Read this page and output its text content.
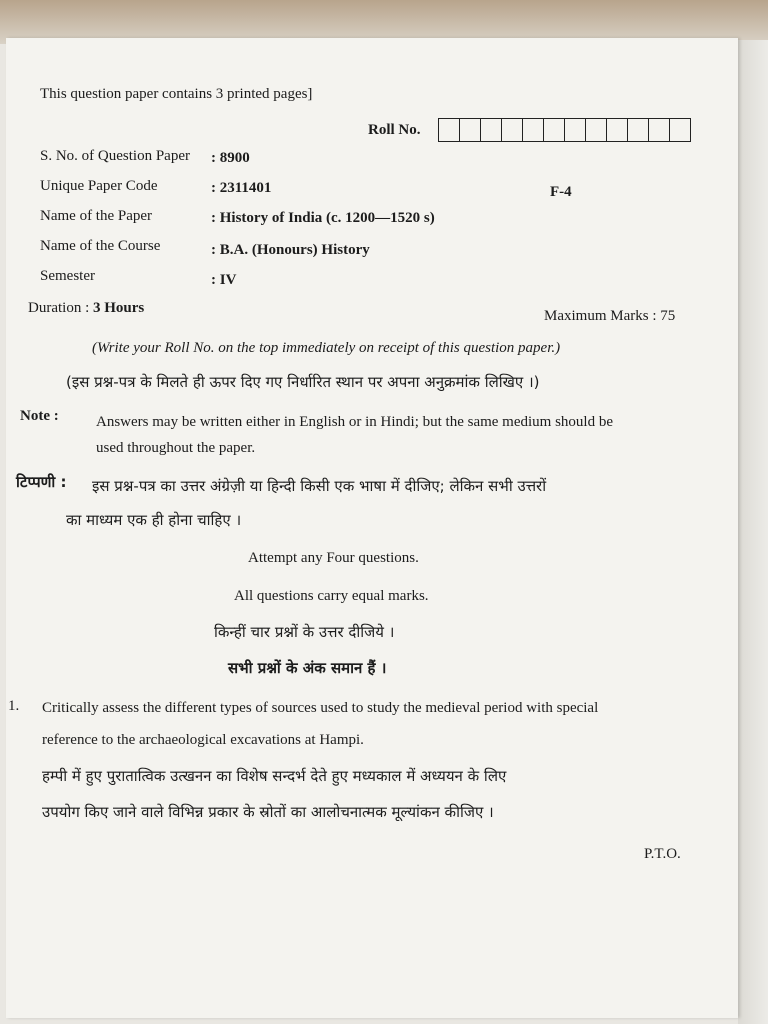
This question paper contains 3 printed pages]
Roll No.
S. No. of Question Paper : 8900
Unique Paper Code	: 2311401	F-4
Name of the Paper	: History of India (c. 1200—1520 s)
Name of the Course	: B.A. (Honours) History
Semester	: IV
Duration : 3 Hours	Maximum Marks : 75
(Write your Roll No. on the top immediately on receipt of this question paper.)
(इस प्रश्न-पत्र के मिलते ही ऊपर दिए गए निर्धारित स्थान पर अपना अनुक्रमांक लिखिए ।)
Note : Answers may be written either in English or in Hindi; but the same medium should be
used throughout the paper.
टिप्पणी : इस प्रश्न-पत्र का उत्तर अंग्रेज़ी या हिन्दी किसी एक भाषा में दीजिए; लेकिन सभी उत्तरों
का माध्यम एक ही होना चाहिए ।
Attempt any Four questions.
All questions carry equal marks.
किन्हीं चार प्रश्नों के उत्तर दीजिये ।
सभी प्रश्नों के अंक समान हैं ।
1. Critically assess the different types of sources used to study the medieval period with special
reference to the archaeological excavations at Hampi.
हम्पी में हुए पुरातात्विक उत्खनन का विशेष सन्दर्भ देते हुए मध्यकाल में अध्ययन के लिए
उपयोग किए जाने वाले विभिन्न प्रकार के स्रोतों का आलोचनात्मक मूल्यांकन कीजिए ।
P.T.O.
